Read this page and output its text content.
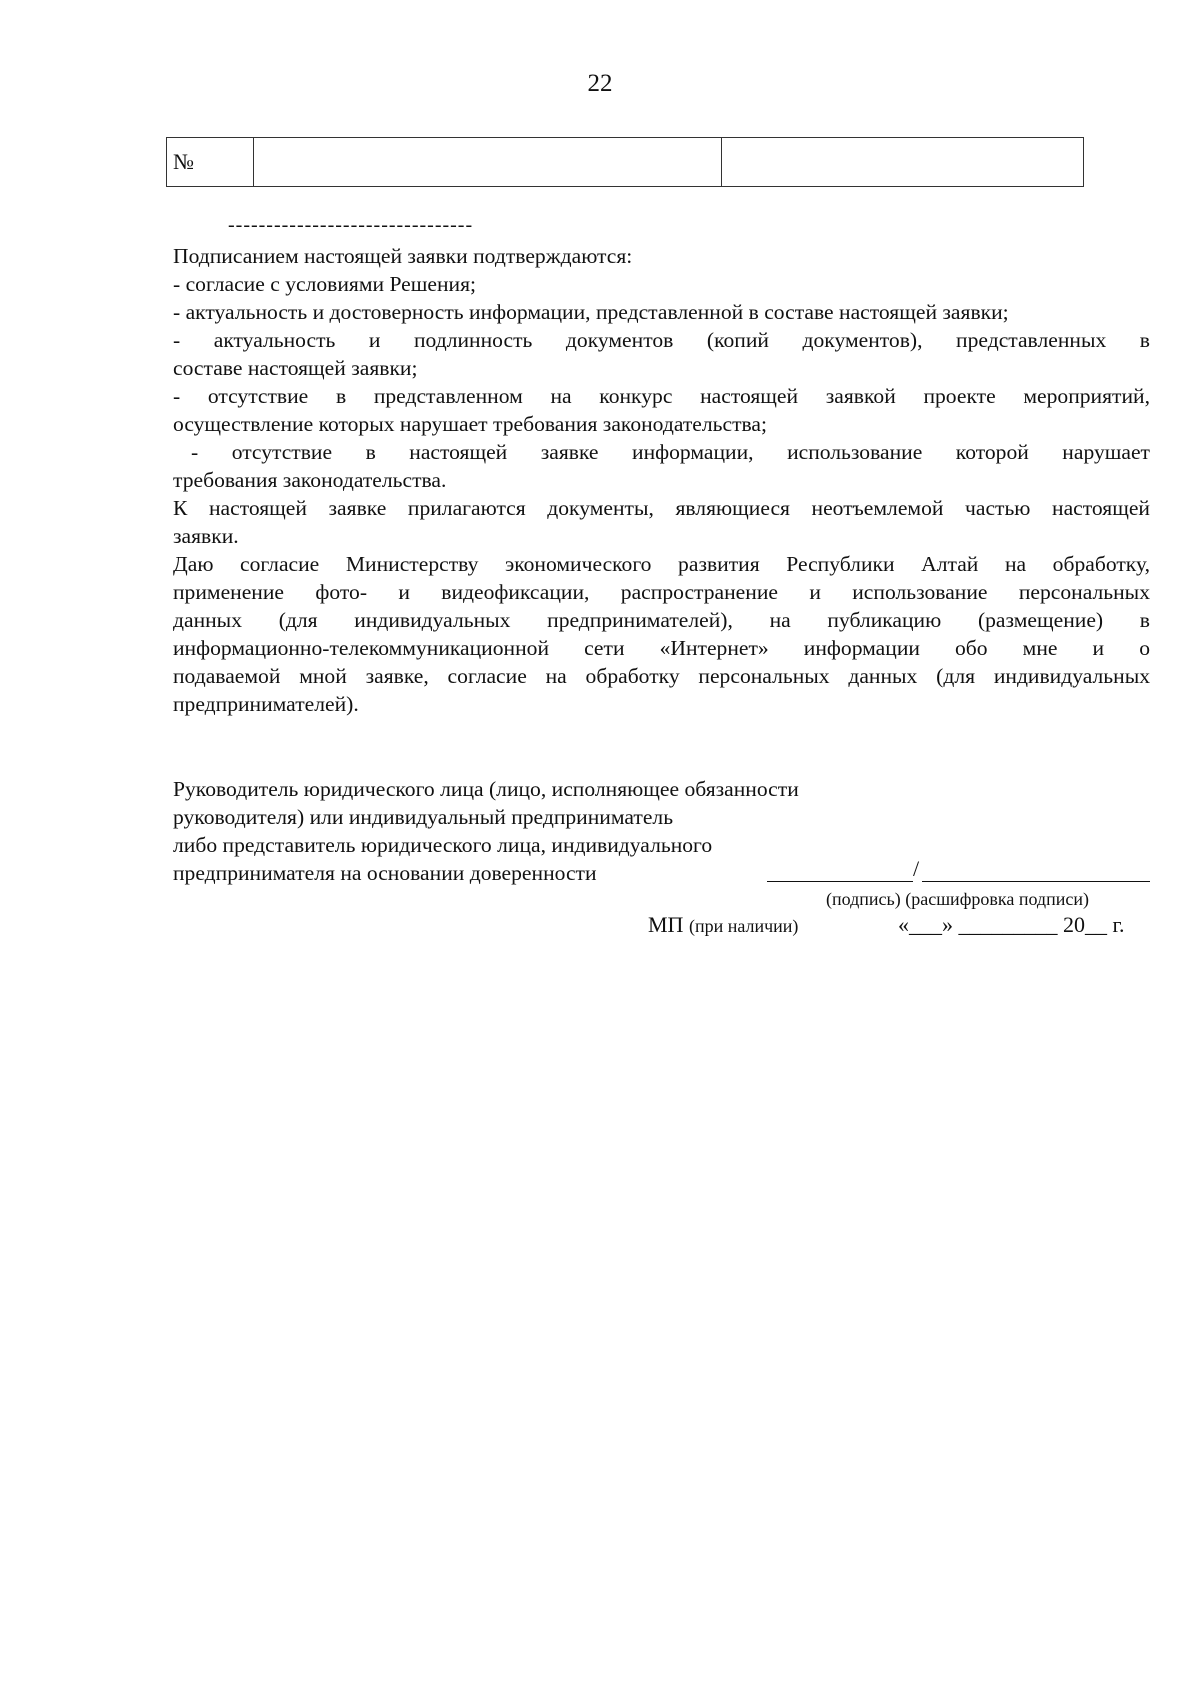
22
№		
--------------------------------

Подписанием настоящей заявки подтверждаются:

- согласие с условиями Решения;

- актуальность и достоверность информации, представленной в составе настоящей заявки;

- актуальность и подлинность документов (копий документов), представленных в

составе настоящей заявки;

- отсутствие в представленном на конкурс настоящей заявкой проекте мероприятий,

осуществление которых нарушает требования законодательства;

- отсутствие в настоящей заявке информации, использование которой нарушает

требования законодательства.

К настоящей заявке прилагаются документы, являющиеся неотъемлемой частью настоящей

заявки.

Даю согласие Министерству экономического развития Республики Алтай на обработку,

применение фото- и видеофиксации, распространение и использование персональных

данных (для индивидуальных предпринимателей), на публикацию (размещение) в

информационно-телекоммуникационной сети «Интернет» информации обо мне и о

подаваемой мной заявке, согласие на обработку персональных данных (для индивидуальных

предпринимателей).

Руководитель юридического лица (лицо, исполняющее обязанности

руководителя) или индивидуальный предприниматель

либо представитель юридического лица, индивидуального

предпринимателя на основании доверенности	/
(подпись) (расшифровка подписи)
МП (при наличии)	«___» _________ 20__ г.
